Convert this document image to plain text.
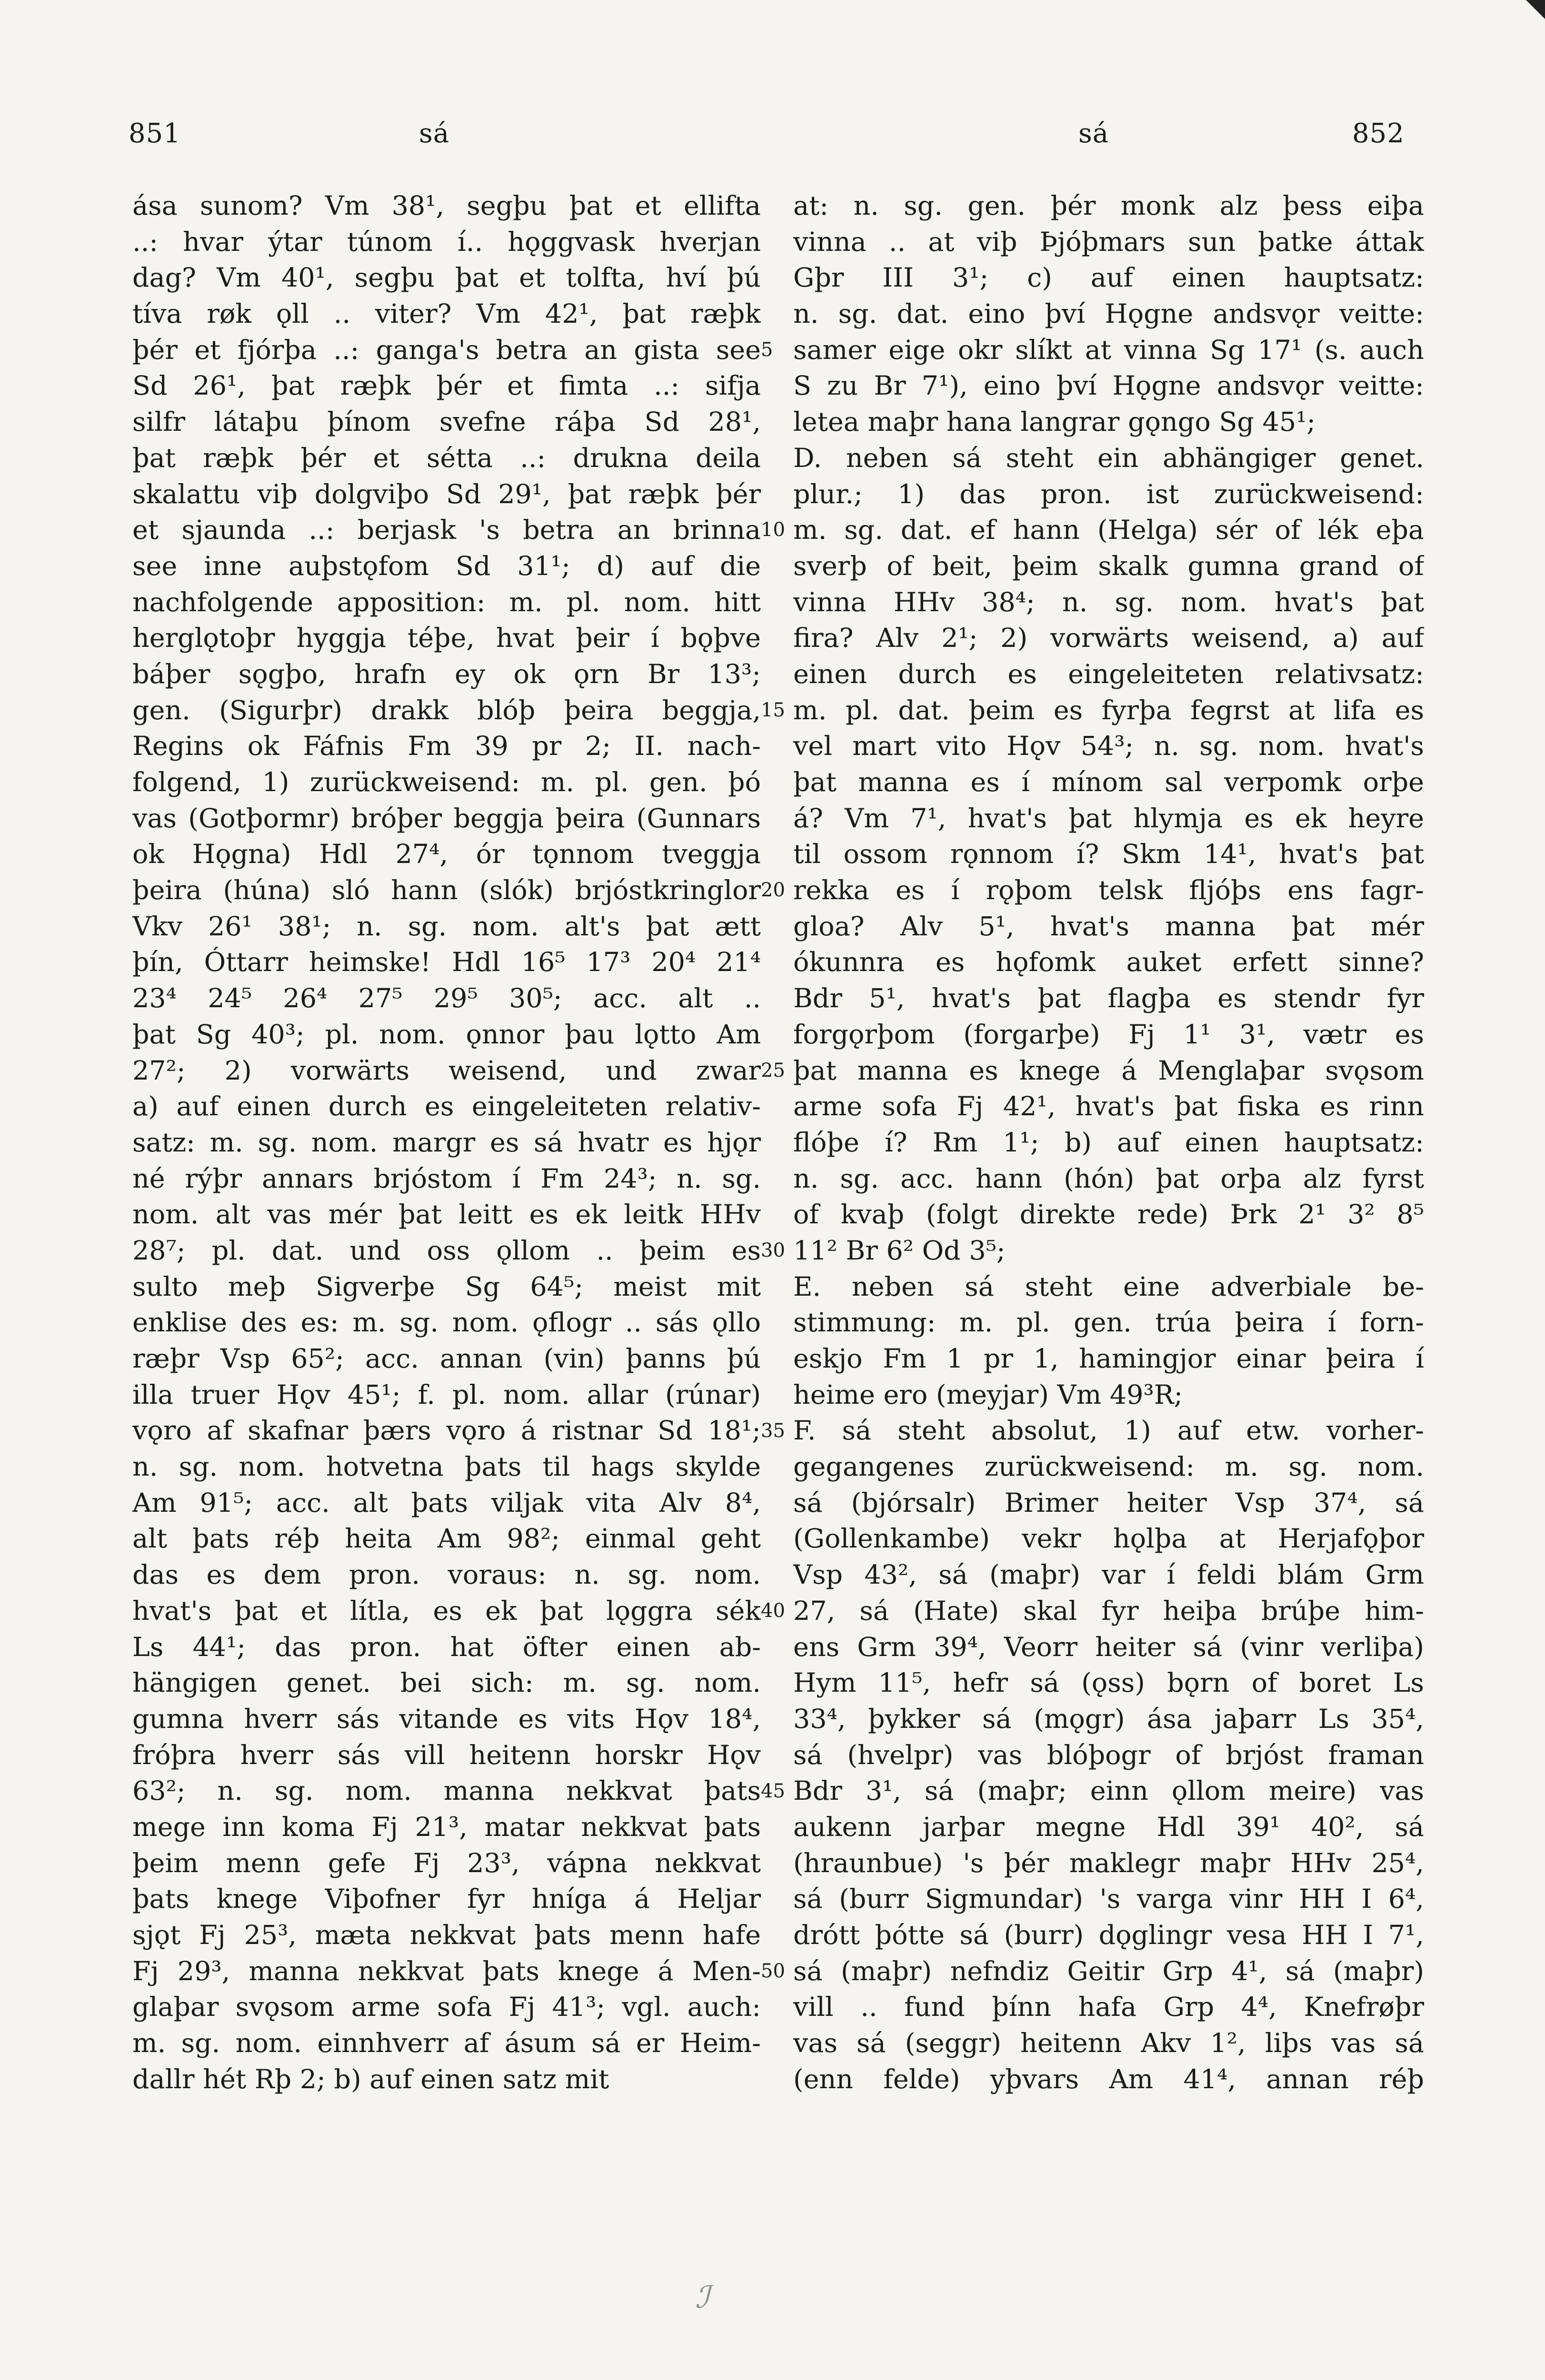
851	sá	sá	852
ása sunom? Vm 38¹, segþu þat et ellifta
..: hvar ýtar túnom í.. hǫggvask hverjan
dag? Vm 40¹, segþu þat et tolfta, hví þú
tíva røk ǫll .. viter? Vm 42¹, þat ræþk
þér et fjórþa ..: ganga's betra an gista see
Sd 26¹, þat ræþk þér et fimta ..: sifja
silfr látaþu þínom svefne ráþa Sd 28¹,
þat ræþk þér et sétta ..: drukna deila
skalattu viþ dolgviþo Sd 29¹, þat ræþk þér
et sjaunda ..: berjask 's betra an brinna
see inne auþstǫfom Sd 31¹; d) auf die
nachfolgende apposition: m. pl. nom. hitt
herglǫtoþr hyggja téþe, hvat þeir í bǫþve
báþer sǫgþo, hrafn ey ok ǫrn Br 13³;
gen. (Sigurþr) drakk blóþ þeira beggja,
Regins ok Fáfnis Fm 39 pr 2; II. nach-
folgend, 1) zurückweisend: m. pl. gen. þó
vas (Gotþormr) bróþer beggja þeira (Gunnars
ok Hǫgna) Hdl 27⁴, ór tǫnnom tveggja
þeira (húna) sló hann (slók) brjóstkringlor
Vkv 26¹ 38¹; n. sg. nom. alt's þat ætt
þín, Óttarr heimske! Hdl 16⁵ 17³ 20⁴ 21⁴
23⁴ 24⁵ 26⁴ 27⁵ 29⁵ 30⁵; acc. alt ..
þat Sg 40³; pl. nom. ǫnnor þau lǫtto Am
27²; 2) vorwärts weisend, und zwar
a) auf einen durch es eingeleiteten relativ-
satz: m. sg. nom. margr es sá hvatr es hjǫr
né rýþr annars brjóstom í Fm 24³; n. sg.
nom. alt vas mér þat leitt es ek leitk HHv
28⁷; pl. dat. und oss ǫllom .. þeim es
sulto meþ Sigverþe Sg 64⁵; meist mit
enklise des es: m. sg. nom. ǫflogr .. sás ǫllo
ræþr Vsp 65²; acc. annan (vin) þanns þú
illa truer Hǫv 45¹; f. pl. nom. allar (rúnar)
vǫro af skafnar þærs vǫro á ristnar Sd 18¹;
n. sg. nom. hotvetna þats til hags skylde
Am 91⁵; acc. alt þats viljak vita Alv 8⁴,
alt þats réþ heita Am 98²; einmal geht
das es dem pron. voraus: n. sg. nom.
hvat's þat et lítla, es ek þat lǫggra sék
Ls 44¹; das pron. hat öfter einen ab-
hängigen genet. bei sich: m. sg. nom.
gumna hverr sás vitande es vits Hǫv 18⁴,
fróþra hverr sás vill heitenn horskr Hǫv
63²; n. sg. nom. manna nekkvat þats
mege inn koma Fj 21³, matar nekkvat þats
þeim menn gefe Fj 23³, vápna nekkvat
þats knege Viþofner fyr hníga á Heljar
sjǫt Fj 25³, mæta nekkvat þats menn hafe
Fj 29³, manna nekkvat þats knege á Men-
glaþar svǫsom arme sofa Fj 41³; vgl. auch:
m. sg. nom. einnhverr af ásum sá er Heim-
dallr hét Rþ 2; b) auf einen satz mit
5
10
15
20
25
30
35
40
45
50
at: n. sg. gen. þér monk alz þess eiþa
vinna .. at viþ Þjóþmars sun þatke áttak
Gþr III 3¹; c) auf einen hauptsatz:
n. sg. dat. eino því Hǫgne andsvǫr veitte:
samer eige okr slíkt at vinna Sg 17¹ (s. auch
S zu Br 7¹), eino því Hǫgne andsvǫr veitte:
letea maþr hana langrar gǫngo Sg 45¹;
D. neben sá steht ein abhängiger genet.
plur.; 1) das pron. ist zurückweisend:
m. sg. dat. ef hann (Helga) sér of lék eþa
sverþ of beit, þeim skalk gumna grand of
vinna HHv 38⁴; n. sg. nom. hvat's þat
fira? Alv 2¹; 2) vorwärts weisend, a) auf
einen durch es eingeleiteten relativsatz:
m. pl. dat. þeim es fyrþa fegrst at lifa es
vel mart vito Hǫv 54³; n. sg. nom. hvat's
þat manna es í mínom sal verpomk orþe
á? Vm 7¹, hvat's þat hlymja es ek heyre
til ossom rǫnnom í? Skm 14¹, hvat's þat
rekka es í rǫþom telsk fljóþs ens fagr-
gloa? Alv 5¹, hvat's manna þat mér
ókunnra es hǫfomk auket erfett sinne?
Bdr 5¹, hvat's þat flagþa es stendr fyr
forgǫrþom (forgarþe) Fj 1¹ 3¹, vætr es
þat manna es knege á Menglaþar svǫsom
arme sofa Fj 42¹, hvat's þat fiska es rinn
flóþe í? Rm 1¹; b) auf einen hauptsatz:
n. sg. acc. hann (hón) þat orþa alz fyrst
of kvaþ (folgt direkte rede) Þrk 2¹ 3² 8⁵
11² Br 6² Od 3⁵;
E. neben sá steht eine adverbiale be-
stimmung: m. pl. gen. trúa þeira í forn-
eskjo Fm 1 pr 1, hamingjor einar þeira í
heime ero (meyjar) Vm 49³R;
F. sá steht absolut, 1) auf etw. vorher-
gegangenes zurückweisend: m. sg. nom.
sá (bjórsalr) Brimer heiter Vsp 37⁴, sá
(Gollenkambe) vekr hǫlþa at Herjafǫþor
Vsp 43², sá (maþr) var í feldi blám Grm
27, sá (Hate) skal fyr heiþa brúþe him-
ens Grm 39⁴, Veorr heiter sá (vinr verliþa)
Hym 11⁵, hefr sá (ǫss) bǫrn of boret Ls
33⁴, þykker sá (mǫgr) ása jaþarr Ls 35⁴,
sá (hvelpr) vas blóþogr of brjóst framan
Bdr 3¹, sá (maþr; einn ǫllom meire) vas
aukenn jarþar megne Hdl 39¹ 40², sá
(hraunbue) 's þér maklegr maþr HHv 25⁴,
sá (burr Sigmundar) 's varga vinr HH I 6⁴,
drótt þótte sá (burr) dǫglingr vesa HH I 7¹,
sá (maþr) nefndiz Geitir Grp 4¹, sá (maþr)
vill .. fund þínn hafa Grp 4⁴, Knefrøþr
vas sá (seggr) heitenn Akv 1², liþs vas sá
(enn felde) yþvars Am 41⁴, annan réþ
ℐ
